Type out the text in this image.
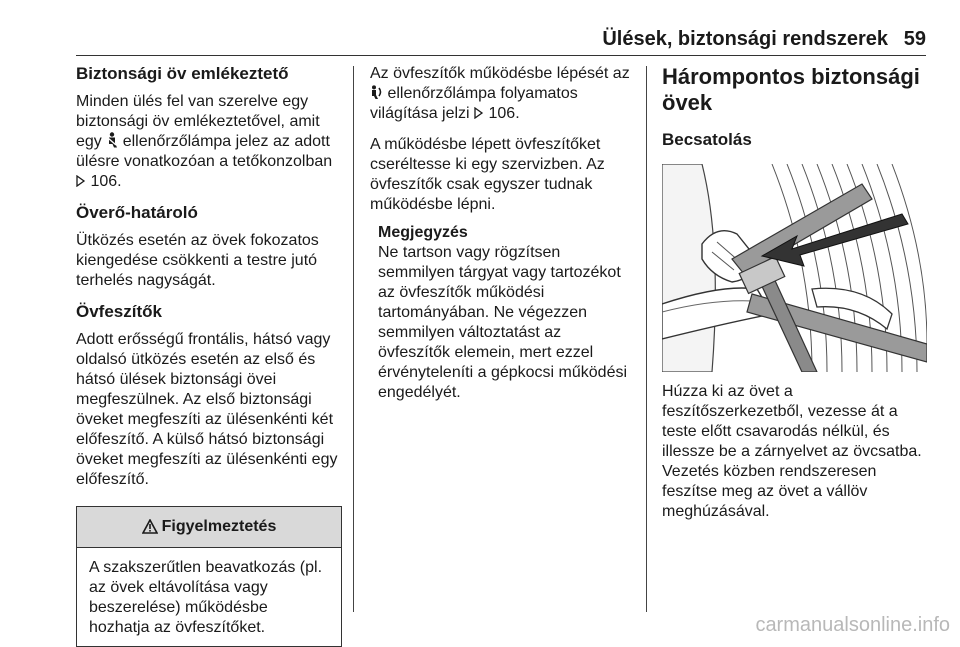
Ülések, biztonsági rendszerek 59
Biztonsági öv emlékeztető

Minden ülés fel van szerelve egy biztonsági öv emlékeztetővel, amit egy  ellenőrzőlámpa jelez az adott ülésre vonatkozóan a tetőkonzolban  106.

Överő-határoló

Ütközés esetén az övek fokozatos kiengedése csökkenti a testre jutó terhelés nagyságát.

Övfeszítők

Adott erősségű frontális, hátsó vagy oldalsó ütközés esetén az első és hátsó ülések biztonsági övei megfeszülnek. Az első biztonsági öveket megfeszíti az ülésenkénti két előfeszítő. A külső hátsó biztonsági öveket megfeszíti az ülésenkénti egy előfeszítő.

Figyelmeztetés
A szakszerűtlen beavatkozás (pl. az övek eltávolítása vagy beszerelése) működésbe hozhatja az övfeszítőket.

Az övfeszítők működésbe lépését az  ellenőrzőlámpa folyamatos világítása jelzi  106.

A működésbe lépett övfeszítőket cseréltesse ki egy szervizben. Az övfeszítők csak egyszer tudnak működésbe lépni.

Megjegyzés
Ne tartson vagy rögzítsen semmilyen tárgyat vagy tartozékot az övfeszítők működési tartományában. Ne végezzen semmilyen változtatást az övfeszítők elemein, mert ezzel érvényteleníti a gépkocsi működési engedélyét.
Hárompontos biztonsági övek
Becsatolás

Húzza ki az övet a feszítőszerkezetből, vezesse át a teste előtt csavarodás nélkül, és illessze be a zárnyelvet az övcsatba. Vezetés közben rendszeresen feszítse meg az övet a vállöv meghúzásával.

carmanualsonline.info
